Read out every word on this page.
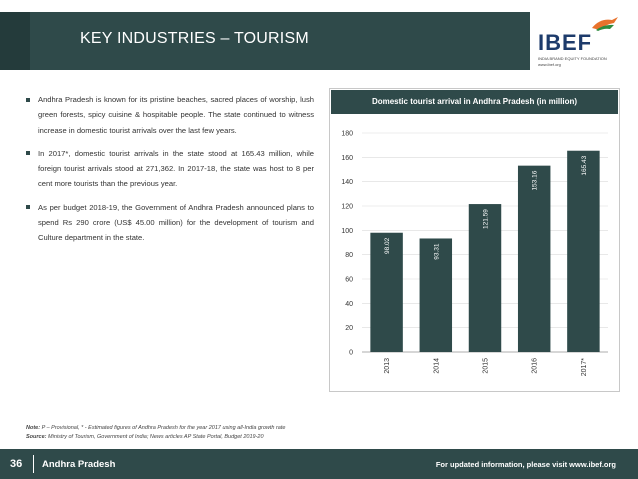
KEY INDUSTRIES – TOURISM	IBEF
INDIA BRAND EQUITY FOUNDATION
www.ibef.org
Andhra Pradesh is known for its pristine beaches, sacred places of worship, lush green forests, spicy cuisine & hospitable people. The state continued to witness increase in domestic tourist arrivals over the last few years.
In 2017*, domestic tourist arrivals in the state stood at 165.43 million, while foreign tourist arrivals stood at 271,362. In 2017-18, the state was host to 8 per cent more tourists than the previous year.
As per budget 2018-19, the Government of Andhra Pradesh announced plans to spend Rs 290 crore (US$ 45.00 million) for the development of tourism and Culture department in the state.
Domestic tourist arrival in Andhra Pradesh (in million)
0
20
40
60
80
100
120
140
160
180
98.02
2013
93.31
2014
121.59
2015
153.16
2016
165.43
2017*
Note: P – Provisional, * - Estimated figures of Andhra Pradesh for the year 2017 using all-India growth rate
Source: Ministry of Tourism, Government of India; News articles AP State Portal, Budget 2019-20
36 Andhra Pradesh	For updated information, please visit www.ibef.org
